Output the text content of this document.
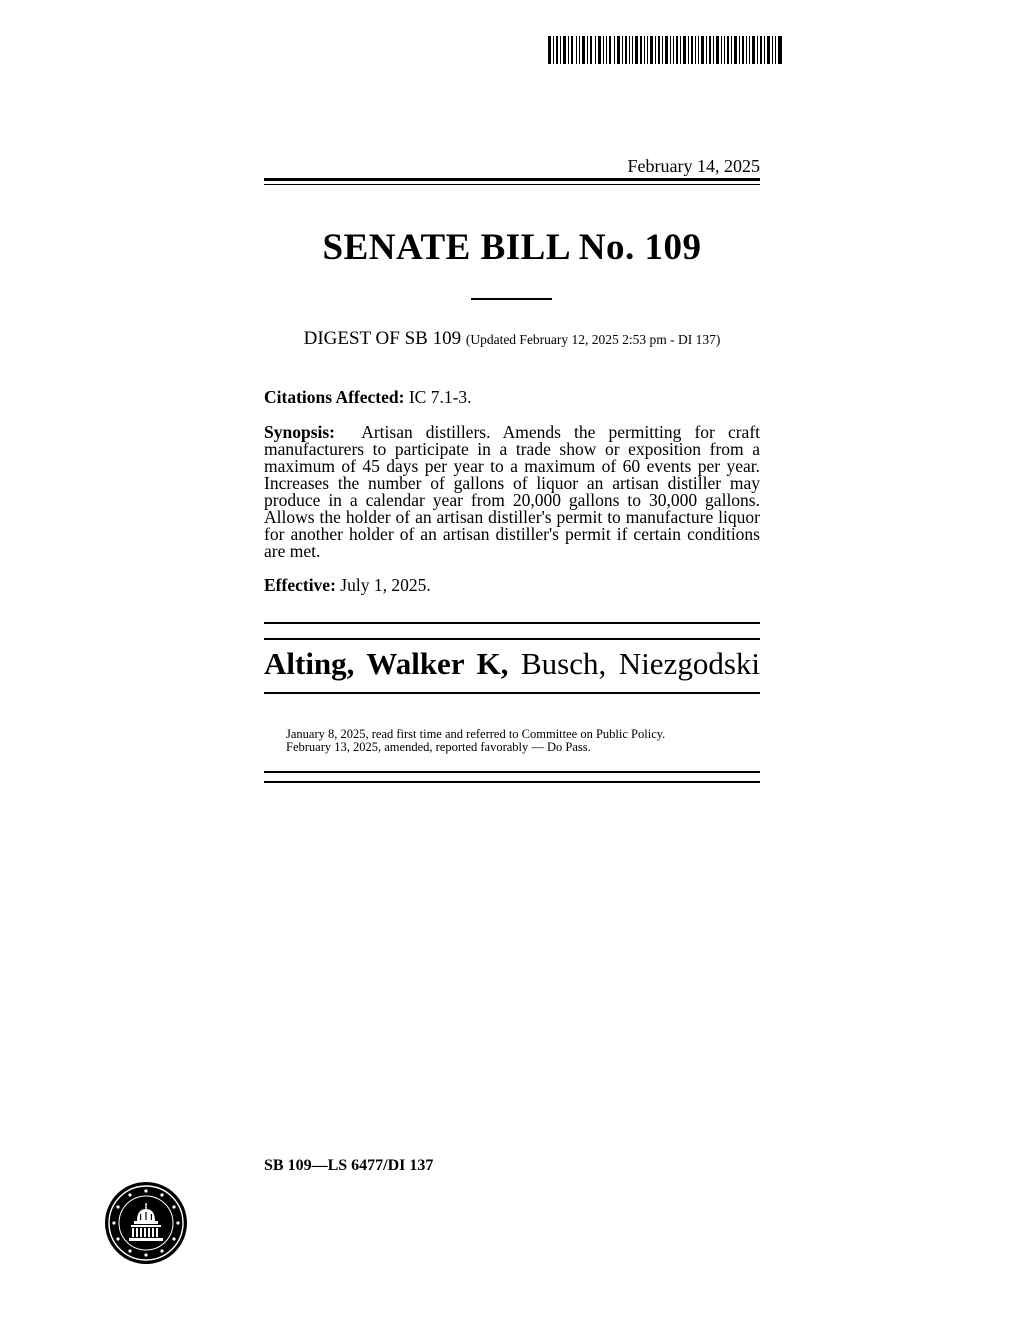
February 14, 2025
SENATE BILL No. 109
DIGEST OF SB 109 (Updated February 12, 2025 2:53 pm - DI 137)
Citations Affected: IC 7.1-3.
Synopsis: Artisan distillers. Amends the permitting for craft manufacturers to participate in a trade show or exposition from a maximum of 45 days per year to a maximum of 60 events per year. Increases the number of gallons of liquor an artisan distiller may produce in a calendar year from 20,000 gallons to 30,000 gallons. Allows the holder of an artisan distiller's permit to manufacture liquor for another holder of an artisan distiller's permit if certain conditions are met.
Effective: July 1, 2025.
Alting, Walker K, Busch, Niezgodski
January 8, 2025, read first time and referred to Committee on Public Policy.
February 13, 2025, amended, reported favorably — Do Pass.
SB 109—LS 6477/DI 137
